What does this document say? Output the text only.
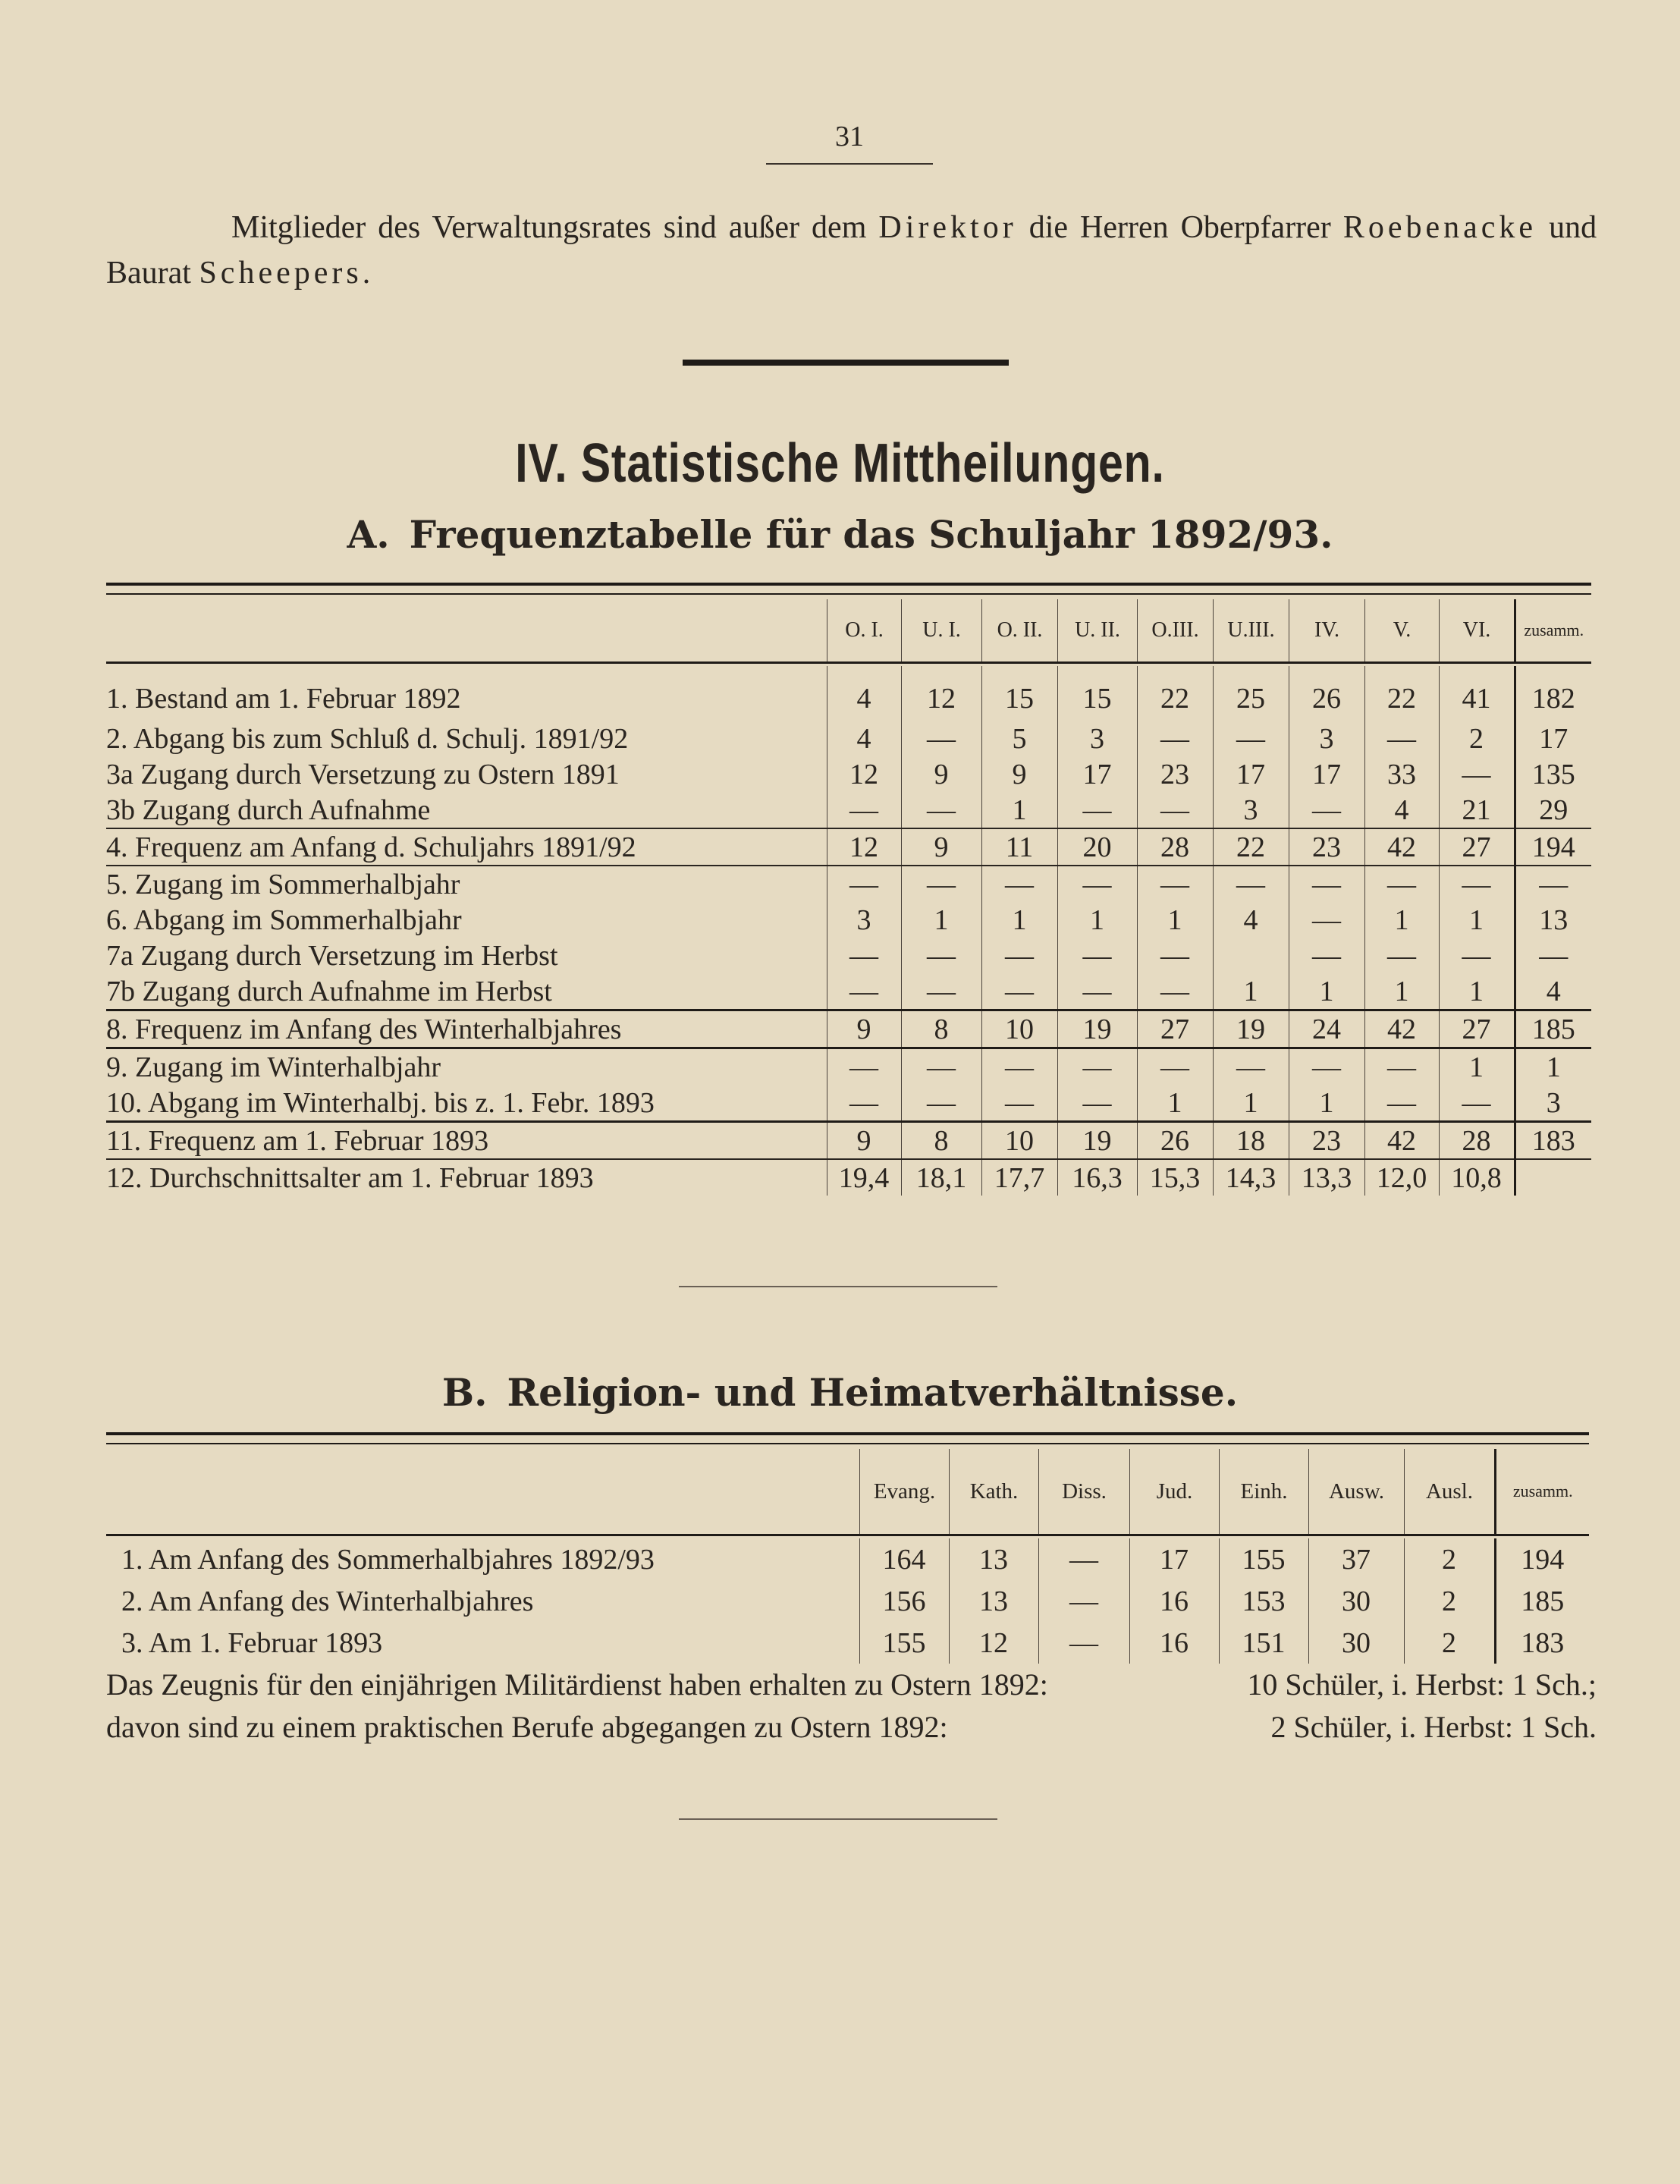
31
Mitglieder des Verwaltungsrates sind außer dem Direktor die Herren Oberpfarrer Roebenacke und Baurat Scheepers.
IV. Statistische Mittheilungen.
A. Frequenztabelle für das Schuljahr 1892/93.
O. I.	U. I.	O. II.	U. II.	O.III.	U.III.	IV.	V.	VI.	zusamm.
1. Bestand am 1. Februar 1892	4	12	15	15	22	25	26	22	41	182
2. Abgang bis zum Schluß d. Schulj. 1891/92	4	—	5	3	—	—	3	—	2	17
3a Zugang durch Versetzung zu Ostern 1891	12	9	9	17	23	17	17	33	—	135
3b Zugang durch Aufnahme	—	—	1	—	—	3	—	4	21	29
4. Frequenz am Anfang d. Schuljahrs 1891/92	12	9	11	20	28	22	23	42	27	194
5. Zugang im Sommerhalbjahr	—	—	—	—	—	—	—	—	—	—
6. Abgang im Sommerhalbjahr	3	1	1	1	1	4	—	1	1	13
7a Zugang durch Versetzung im Herbst	—	—	—	—	—		—	—	—	—
7b Zugang durch Aufnahme im Herbst	—	—	—	—	—	1	1	1	1	4
8. Frequenz im Anfang des Winterhalbjahres	9	8	10	19	27	19	24	42	27	185
9. Zugang im Winterhalbjahr	—	—	—	—	—	—	—	—	1	1
10. Abgang im Winterhalbj. bis z. 1. Febr. 1893	—	—	—	—	1	1	1	—	—	3
11. Frequenz am 1. Februar 1893	9	8	10	19	26	18	23	42	28	183
12. Durchschnittsalter am 1. Februar 1893	19,4	18,1	17,7	16,3	15,3	14,3	13,3	12,0	10,8	
B. Religion- und Heimatverhältnisse.
Evang.	Kath.	Diss.	Jud.	Einh.	Ausw.	Ausl.	zusamm.
1. Am Anfang des Sommerhalbjahres 1892/93	164	13	—	17	155	37	2	194
2. Am Anfang des Winterhalbjahres	156	13	—	16	153	30	2	185
3. Am 1. Februar 1893	155	12	—	16	151	30	2	183
Das Zeugnis für den einjährigen Militärdienst haben erhalten zu Ostern 1892:	10 Schüler, i. Herbst: 1 Sch.;
davon sind zu einem praktischen Berufe abgegangen zu Ostern 1892:	2 Schüler, i. Herbst: 1 Sch.
